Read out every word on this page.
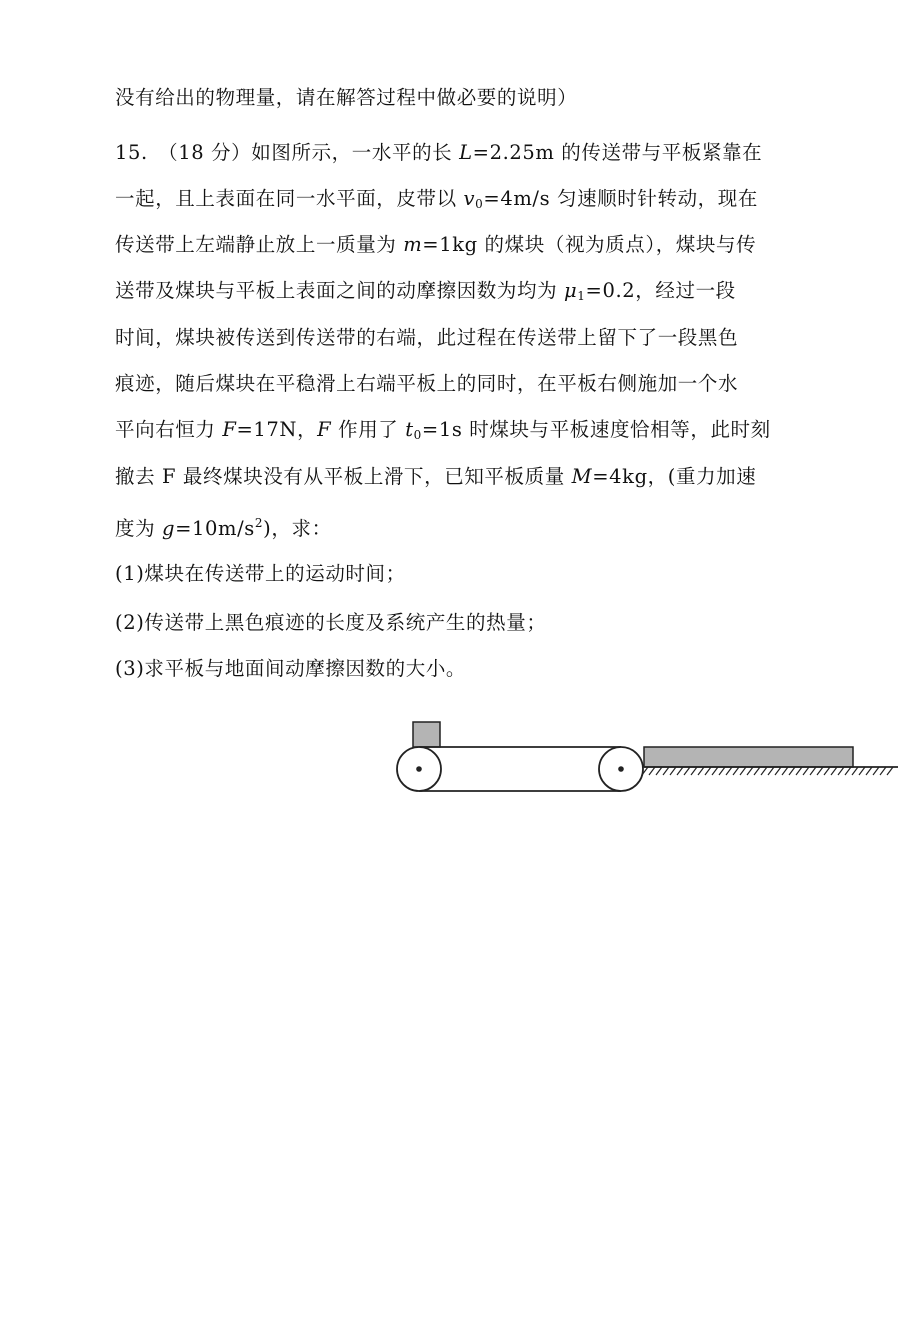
没有给出的物理量，请在解答过程中做必要的说明）
15.　（18 分）如图所示，一水平的长 L=2.25m 的传送带与平板紧靠在
一起，且上表面在同一水平面，皮带以 $v_0=4m/s$ 匀速顺时针转动，现在
传送带上左端静止放上一质量为 m=1kg 的煤块（视为质点），煤块与传
送带及煤块与平板上表面之间的动摩擦因数为均为 $\mu_1=0.2$，经过一段
时间，煤块被传送到传送带的右端，此过程在传送带上留下了一段黑色
痕迹，随后煤块在平稳滑上右端平板上的同时，在平板右侧施加一个水
平向右恒力 F=17N，F 作用了 $t_0=1s$ 时煤块与平板速度恰相等，此时刻
撤去 F 最终煤块没有从平板上滑下，已知平板质量 M=4kg，(重力加速
度为 $g=10m/s^2$)，求：
(1)煤块在传送带上的运动时间；
(2)传送带上黑色痕迹的长度及系统产生的热量；
(3)求平板与地面间动摩擦因数的大小。
